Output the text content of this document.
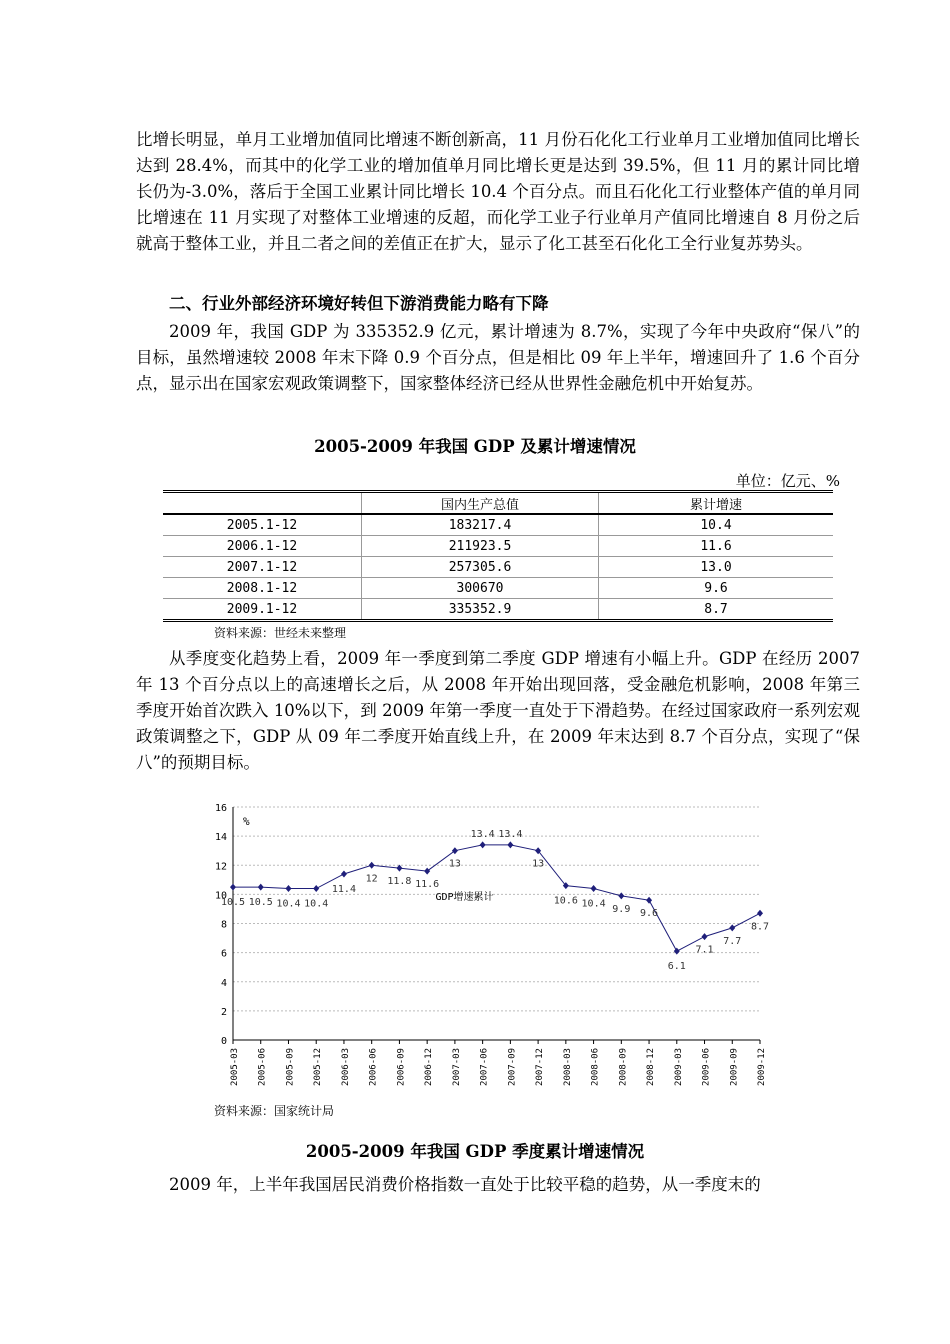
比增长明显，单月工业增加值同比增速不断创新高，11 月份石化化工行业单月工业增加值同比增长达到 28.4%，而其中的化学工业的增加值单月同比增长更是达到 39.5%，但 11 月的累计同比增长仍为-3.0%，落后于全国工业累计同比增长 10.4 个百分点。而且石化化工行业整体产值的单月同比增速在 11 月实现了对整体工业增速的反超，而化学工业子行业单月产值同比增速自 8 月份之后就高于整体工业，并且二者之间的差值正在扩大，显示了化工甚至石化化工全行业复苏势头。

二、行业外部经济环境好转但下游消费能力略有下降

2009 年，我国 GDP 为 335352.9 亿元，累计增速为 8.7%，实现了今年中央政府“保八”的目标，虽然增速较 2008 年末下降 0.9 个百分点，但是相比 09 年上半年，增速回升了 1.6 个百分点，显示出在国家宏观政策调整下，国家整体经济已经从世界性金融危机中开始复苏。

2005-2009 年我国 GDP 及累计增速情况

单位：亿元、%
	国内生产总值	累计增速
2005.1-12	183217.4	10.4
2006.1-12	211923.5	11.6
2007.1-12	257305.6	13.0
2008.1-12	300670	9.6
2009.1-12	335352.9	8.7
资料来源：世经未来整理

从季度变化趋势上看，2009 年一季度到第二季度 GDP 增速有小幅上升。GDP 在经历 2007 年 13 个百分点以上的高速增长之后，从 2008 年开始出现回落，受金融危机影响，2008 年第三季度开始首次跌入 10%以下，到 2009 年第一季度一直处于下滑趋势。在经过国家政府一系列宏观政策调整之下，GDP 从 09 年二季度开始直线上升，在 2009 年末达到 8.7 个百分点，实现了“保八”的预期目标。

0
2
4
6
8
10
12
14
16
2005-03 2005-06 2005-09 2005-12 2006-03 2006-06 2006-09 2006-12 2007-03 2007-06 2007-09 2007-12 2008-03 2008-06 2008-09 2008-12 2009-03 2009-06 2009-09 2009-12
%
10.5 10.5 10.4 10.4
11.4
12 11.8 11.6
13
13.4 13.4
13
10.6 10.4 9.9 9.6
6.1
7.1
7.7
8.7
GDP增速累计
资料来源：国家统计局

2005-2009 年我国 GDP 季度累计增速情况

2009 年，上半年我国居民消费价格指数一直处于比较平稳的趋势，从一季度末的
